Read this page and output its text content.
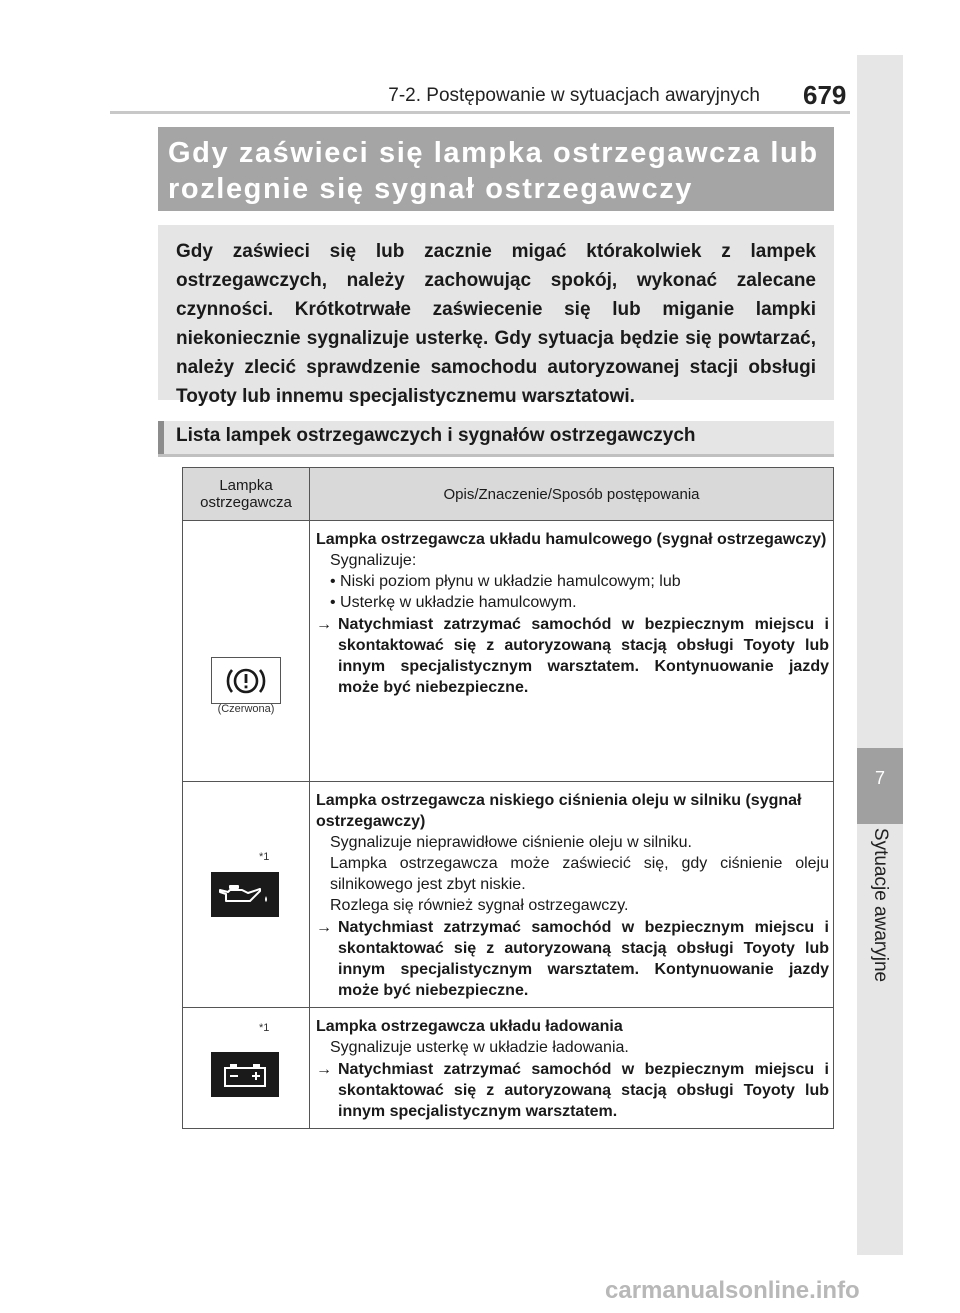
7
Sytuacje awaryjne
7-2. Postępowanie w sytuacjach awaryjnych 679
Gdy zaświeci się lampka ostrzegawcza lub
rozlegnie się sygnał ostrzegawczy
Gdy zaświeci się lub zacznie migać którakolwiek z lampek ostrzegawczych, należy zachowując spokój, wykonać zalecane czynności. Krótkotrwałe zaświecenie się lub miganie lampki niekoniecznie sygnalizuje usterkę. Gdy sytuacja będzie się powtarzać, należy zlecić sprawdzenie samochodu autoryzowanej stacji obsługi Toyoty lub innemu specjalistycznemu warsztatowi.
Lista lampek ostrzegawczych i sygnałów ostrzegawczych
Lampka
ostrzegawcza	Opis/Znaczenie/Sposób postępowania

(Czerwona)	Lampka ostrzegawcza układu hamulcowego (sygnał ostrzegawczy)
Sygnalizuje:
• Niski poziom płynu w układzie hamulcowym; lub
• Usterkę w układzie hamulcowym.
→ Natychmiast zatrzymać samochód w bezpiecznym miejscu i skontaktować się z autoryzowaną stacją obsługi Toyoty lub innym specjalistycznym warsztatem. Kontynuowanie jazdy może być niebezpieczne.

*1	Lampka ostrzegawcza niskiego ciśnienia oleju w silniku (sygnał ostrzegawczy)
Sygnalizuje nieprawidłowe ciśnienie oleju w silniku.
Lampka ostrzegawcza może zaświecić się, gdy ciśnienie oleju silnikowego jest zbyt niskie.
Rozlega się również sygnał ostrzegawczy.
→ Natychmiast zatrzymać samochód w bezpiecznym miejscu i skontaktować się z autoryzowaną stacją obsługi Toyoty lub innym specjalistycznym warsztatem. Kontynuowanie jazdy może być niebezpieczne.

*1	Lampka ostrzegawcza układu ładowania
Sygnalizuje usterkę w układzie ładowania.
→ Natychmiast zatrzymać samochód w bezpiecznym miejscu i skontaktować się z autoryzowaną stacją obsługi Toyoty lub innym specjalistycznym warsztatem.
carmanualsonline.info
